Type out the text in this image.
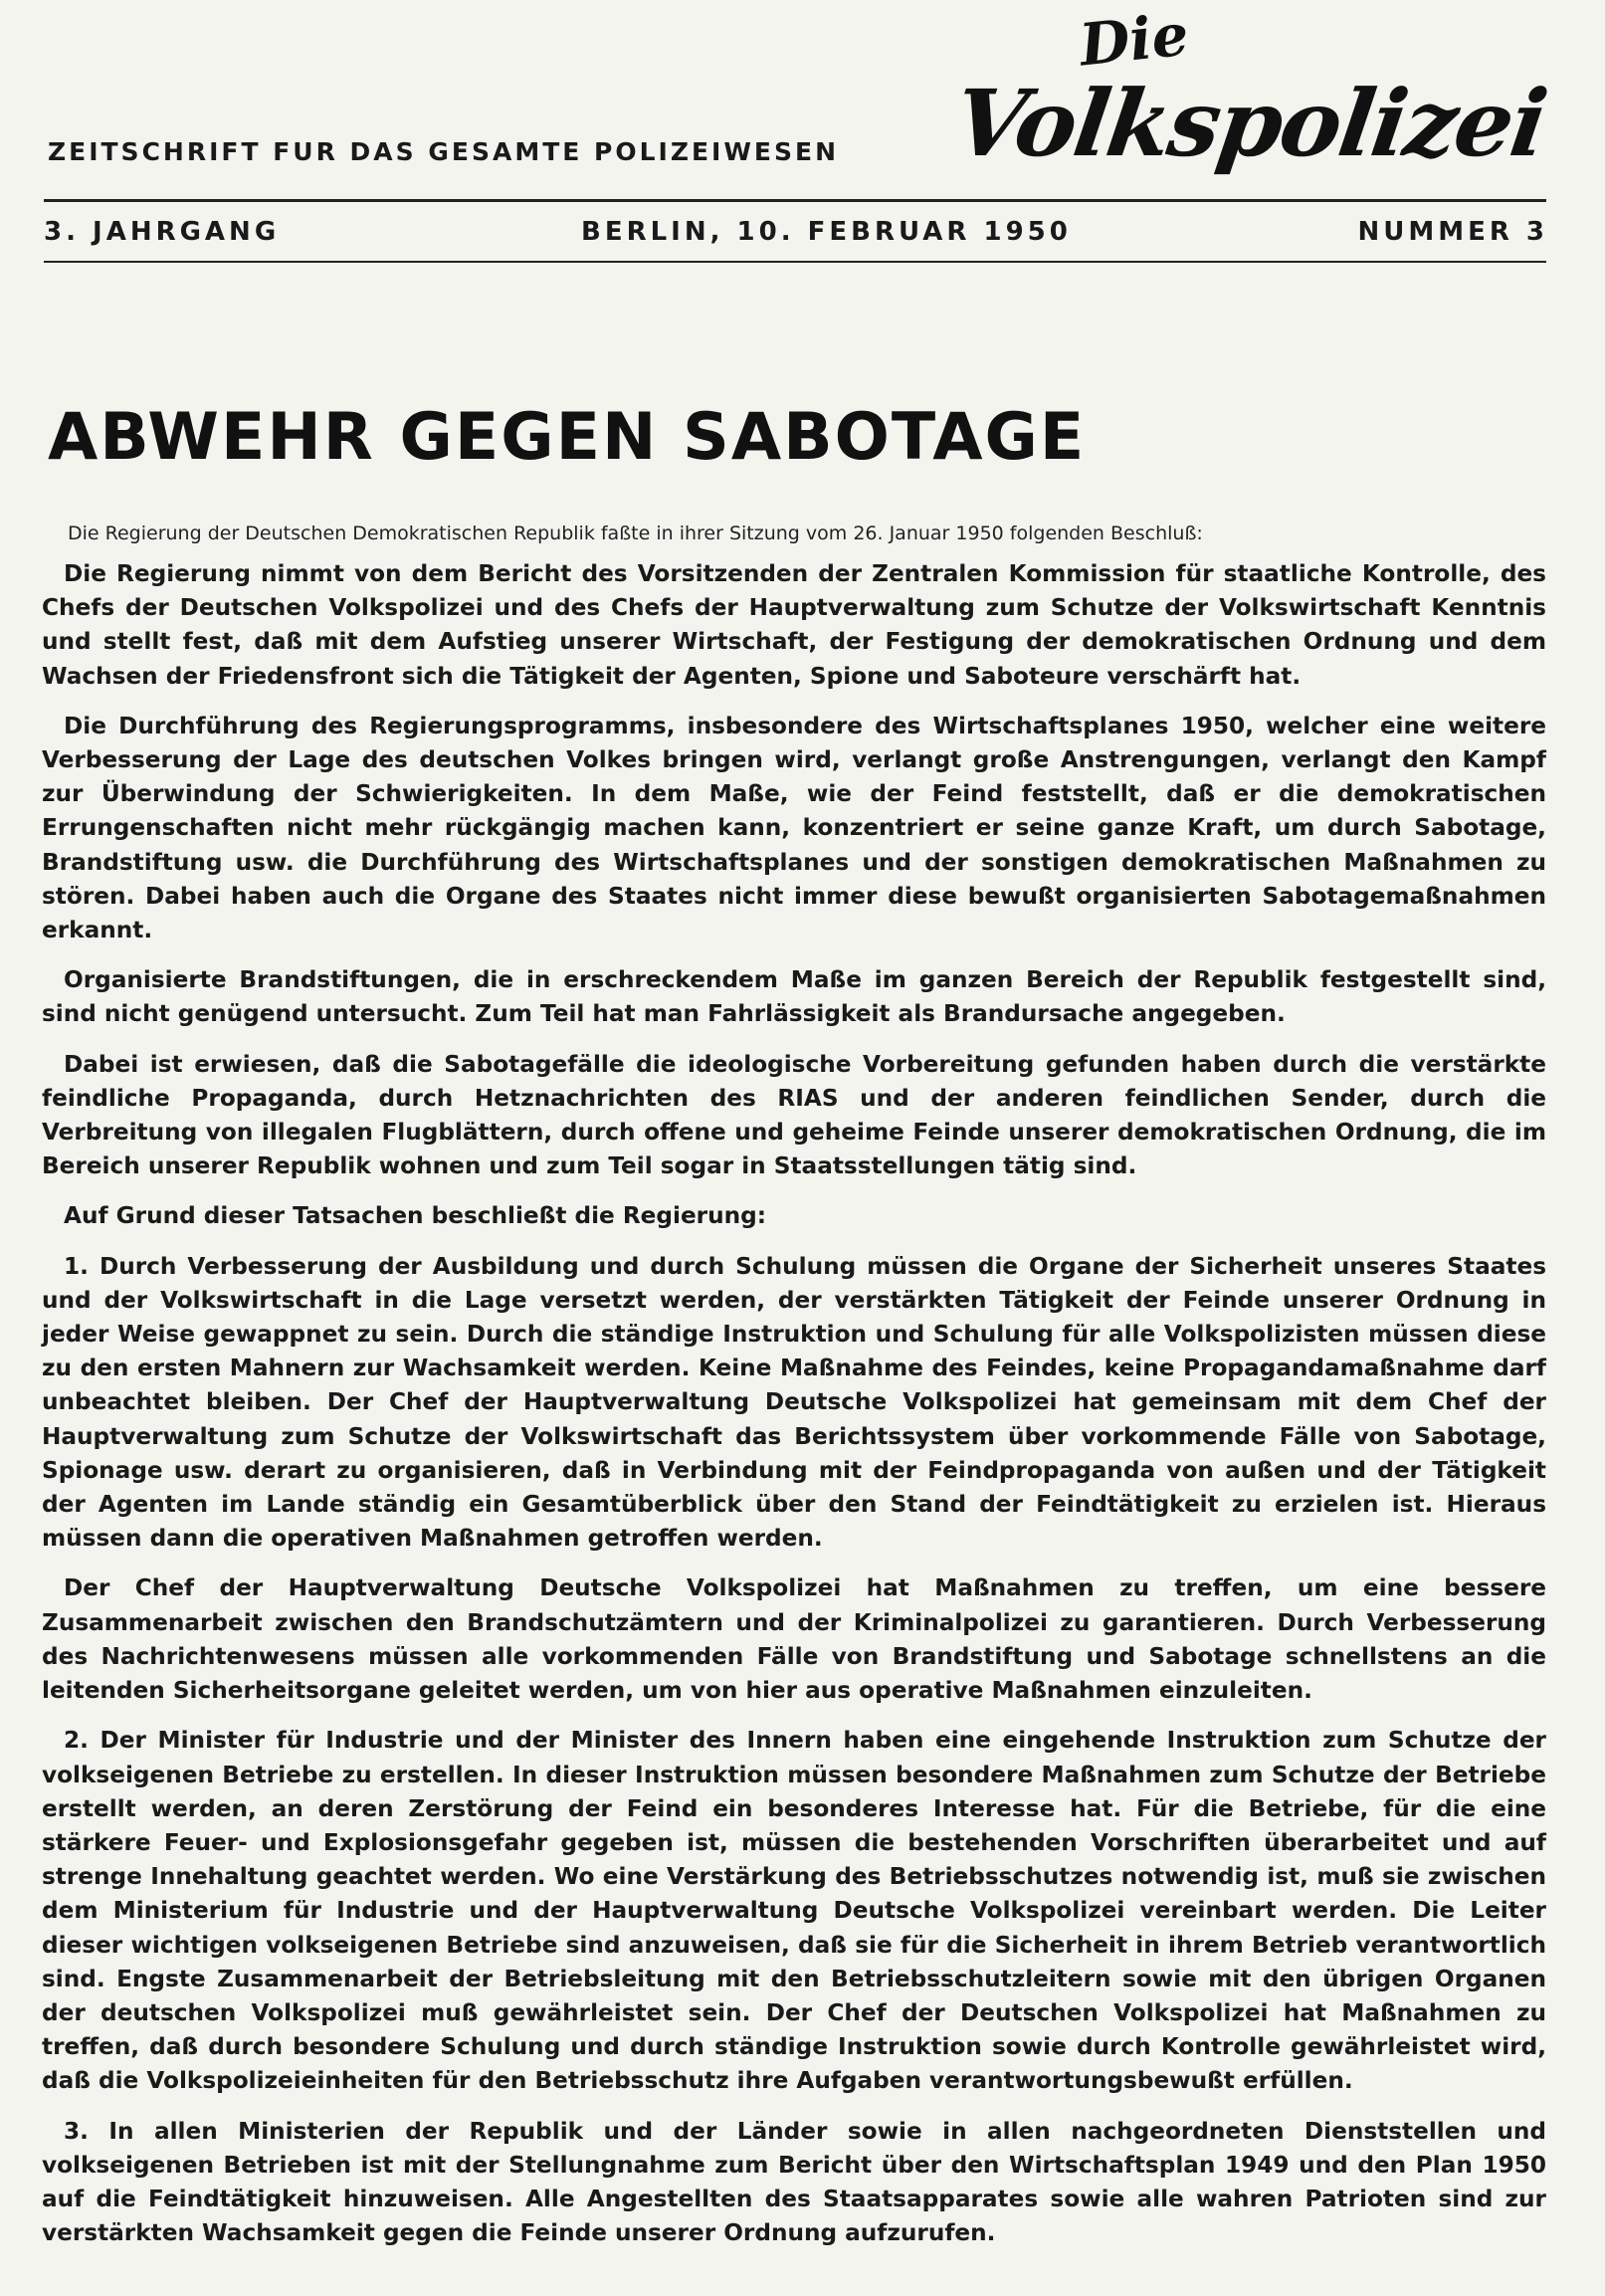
ZEITSCHRIFT FUR DAS GESAMTE POLIZEIWESEN
Die
Volkspolizei
3. JAHRGANG	BERLIN, 10. FEBRUAR 1950	NUMMER 3
ABWEHR GEGEN SABOTAGE
Die Regierung der Deutschen Demokratischen Republik faßte in ihrer Sitzung vom 26. Januar 1950 folgenden Beschluß:

Die Regierung nimmt von dem Bericht des Vorsitzenden der Zentralen Kommission für staatliche Kontrolle, des Chefs der Deutschen Volkspolizei und des Chefs der Hauptverwaltung zum Schutze der Volkswirtschaft Kenntnis und stellt fest, daß mit dem Aufstieg unserer Wirtschaft, der Festigung der demokratischen Ordnung und dem Wachsen der Friedensfront sich die Tätigkeit der Agenten, Spione und Saboteure verschärft hat.

Die Durchführung des Regierungsprogramms, insbesondere des Wirtschaftsplanes 1950, welcher eine weitere Verbesserung der Lage des deutschen Volkes bringen wird, verlangt große Anstrengungen, verlangt den Kampf zur Überwindung der Schwierigkeiten. In dem Maße, wie der Feind feststellt, daß er die demokratischen Errungenschaften nicht mehr rückgängig machen kann, konzentriert er seine ganze Kraft, um durch Sabotage, Brandstiftung usw. die Durchführung des Wirtschaftsplanes und der sonstigen demokratischen Maßnahmen zu stören. Dabei haben auch die Organe des Staates nicht immer diese bewußt organisierten Sabotagemaßnahmen erkannt.

Organisierte Brandstiftungen, die in erschreckendem Maße im ganzen Bereich der Republik festgestellt sind, sind nicht genügend untersucht. Zum Teil hat man Fahrlässigkeit als Brandursache angegeben.

Dabei ist erwiesen, daß die Sabotagefälle die ideologische Vorbereitung gefunden haben durch die verstärkte feindliche Propaganda, durch Hetznachrichten des RIAS und der anderen feindlichen Sender, durch die Verbreitung von illegalen Flugblättern, durch offene und geheime Feinde unserer demokratischen Ordnung, die im Bereich unserer Republik wohnen und zum Teil sogar in Staatsstellungen tätig sind.

Auf Grund dieser Tatsachen beschließt die Regierung:

1. Durch Verbesserung der Ausbildung und durch Schulung müssen die Organe der Sicherheit unseres Staates und der Volkswirtschaft in die Lage versetzt werden, der verstärkten Tätigkeit der Feinde unserer Ordnung in jeder Weise gewappnet zu sein. Durch die ständige Instruktion und Schulung für alle Volkspolizisten müssen diese zu den ersten Mahnern zur Wachsamkeit werden. Keine Maßnahme des Feindes, keine Propagandamaßnahme darf unbeachtet bleiben. Der Chef der Hauptverwaltung Deutsche Volkspolizei hat gemeinsam mit dem Chef der Hauptverwaltung zum Schutze der Volkswirtschaft das Berichtssystem über vorkommende Fälle von Sabotage, Spionage usw. derart zu organisieren, daß in Verbindung mit der Feindpropaganda von außen und der Tätigkeit der Agenten im Lande ständig ein Gesamtüberblick über den Stand der Feindtätigkeit zu erzielen ist. Hieraus müssen dann die operativen Maßnahmen getroffen werden.

Der Chef der Hauptverwaltung Deutsche Volkspolizei hat Maßnahmen zu treffen, um eine bessere Zusammenarbeit zwischen den Brandschutzämtern und der Kriminalpolizei zu garantieren. Durch Verbesserung des Nachrichtenwesens müssen alle vorkommenden Fälle von Brandstiftung und Sabotage schnellstens an die leitenden Sicherheitsorgane geleitet werden, um von hier aus operative Maßnahmen einzuleiten.

2. Der Minister für Industrie und der Minister des Innern haben eine eingehende Instruktion zum Schutze der volkseigenen Betriebe zu erstellen. In dieser Instruktion müssen besondere Maßnahmen zum Schutze der Betriebe erstellt werden, an deren Zerstörung der Feind ein besonderes Interesse hat. Für die Betriebe, für die eine stärkere Feuer- und Explosionsgefahr gegeben ist, müssen die bestehenden Vorschriften überarbeitet und auf strenge Innehaltung geachtet werden. Wo eine Verstärkung des Betriebsschutzes notwendig ist, muß sie zwischen dem Ministerium für Industrie und der Hauptverwaltung Deutsche Volkspolizei vereinbart werden. Die Leiter dieser wichtigen volkseigenen Betriebe sind anzuweisen, daß sie für die Sicherheit in ihrem Betrieb verantwortlich sind. Engste Zusammenarbeit der Betriebsleitung mit den Betriebsschutzleitern sowie mit den übrigen Organen der deutschen Volkspolizei muß gewährleistet sein. Der Chef der Deutschen Volkspolizei hat Maßnahmen zu treffen, daß durch besondere Schulung und durch ständige Instruktion sowie durch Kontrolle gewährleistet wird, daß die Volkspolizeieinheiten für den Betriebsschutz ihre Aufgaben verantwortungsbewußt erfüllen.

3. In allen Ministerien der Republik und der Länder sowie in allen nachgeordneten Dienststellen und volkseigenen Betrieben ist mit der Stellungnahme zum Bericht über den Wirtschaftsplan 1949 und den Plan 1950 auf die Feindtätigkeit hinzuweisen. Alle Angestellten des Staatsapparates sowie alle wahren Patrioten sind zur verstärkten Wachsamkeit gegen die Feinde unserer Ordnung aufzurufen.
